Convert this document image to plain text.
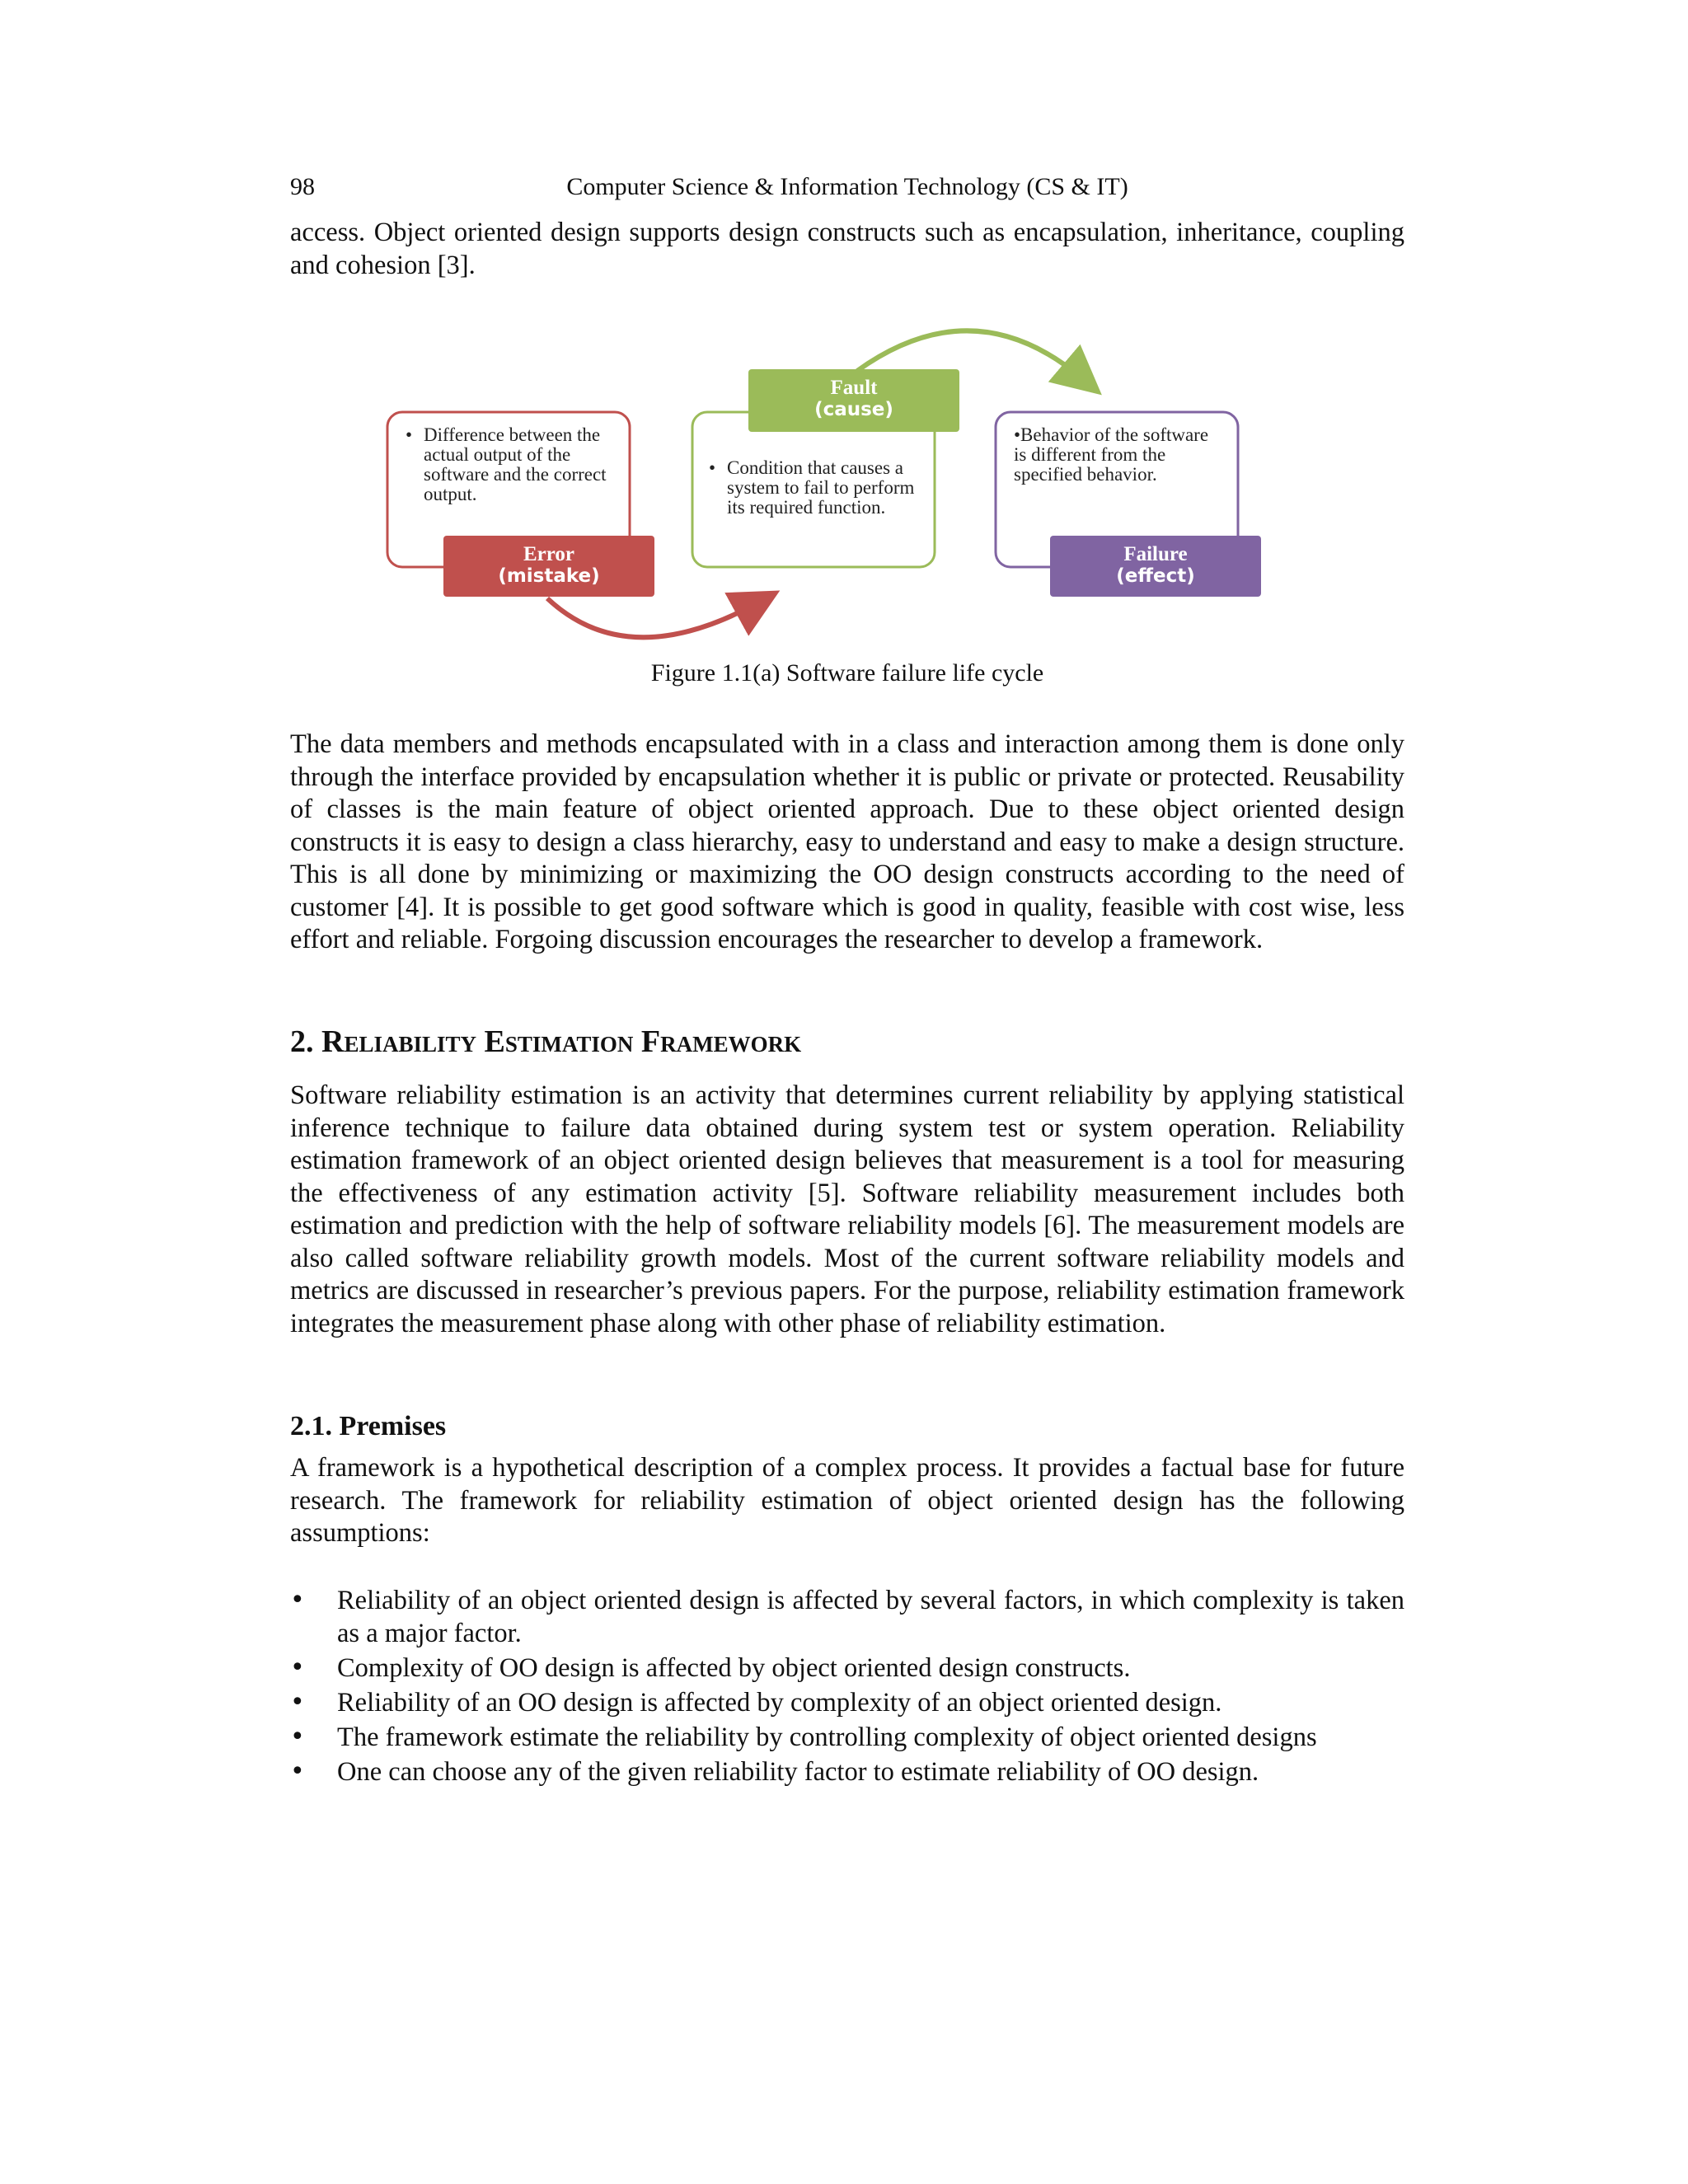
98	Computer Science & Information Technology (CS & IT)

access. Object oriented design supports design constructs such as encapsulation, inheritance, coupling and cohesion [3].

• Difference between the actual output of the software and the correct output.
Error
(mistake)
• Condition that causes a system to fail to perform its required function.
Fault
(cause)
•Behavior of the software is different from the specified behavior.
Failure
(effect)
Figure 1.1(a) Software failure life cycle

The data members and methods encapsulated with in a class and interaction among them is done only through the interface provided by encapsulation whether it is public or private or protected. Reusability of classes is the main feature of object oriented approach. Due to these object oriented design constructs it is easy to design a class hierarchy, easy to understand and easy to make a design structure. This is all done by minimizing or maximizing the OO design constructs according to the need of customer [4]. It is possible to get good software which is good in quality, feasible with cost wise, less effort and reliable. Forgoing discussion encourages the researcher to develop a framework.

2. Reliability Estimation Framework

Software reliability estimation is an activity that determines current reliability by applying statistical inference technique to failure data obtained during system test or system operation. Reliability estimation framework of an object oriented design believes that measurement is a tool for measuring the effectiveness of any estimation activity [5]. Software reliability measurement includes both estimation and prediction with the help of software reliability models [6]. The measurement models are also called software reliability growth models. Most of the current software reliability models and metrics are discussed in researcher’s previous papers. For the purpose, reliability estimation framework integrates the measurement phase along with other phase of reliability estimation.

2.1. Premises

A framework is a hypothetical description of a complex process. It provides a factual base for future research. The framework for reliability estimation of object oriented design has the following assumptions:

• Reliability of an object oriented design is affected by several factors, in which complexity is taken as a major factor.
• Complexity of OO design is affected by object oriented design constructs.
• Reliability of an OO design is affected by complexity of an object oriented design.
• The framework estimate the reliability by controlling complexity of object oriented designs
• One can choose any of the given reliability factor to estimate reliability of OO design.
